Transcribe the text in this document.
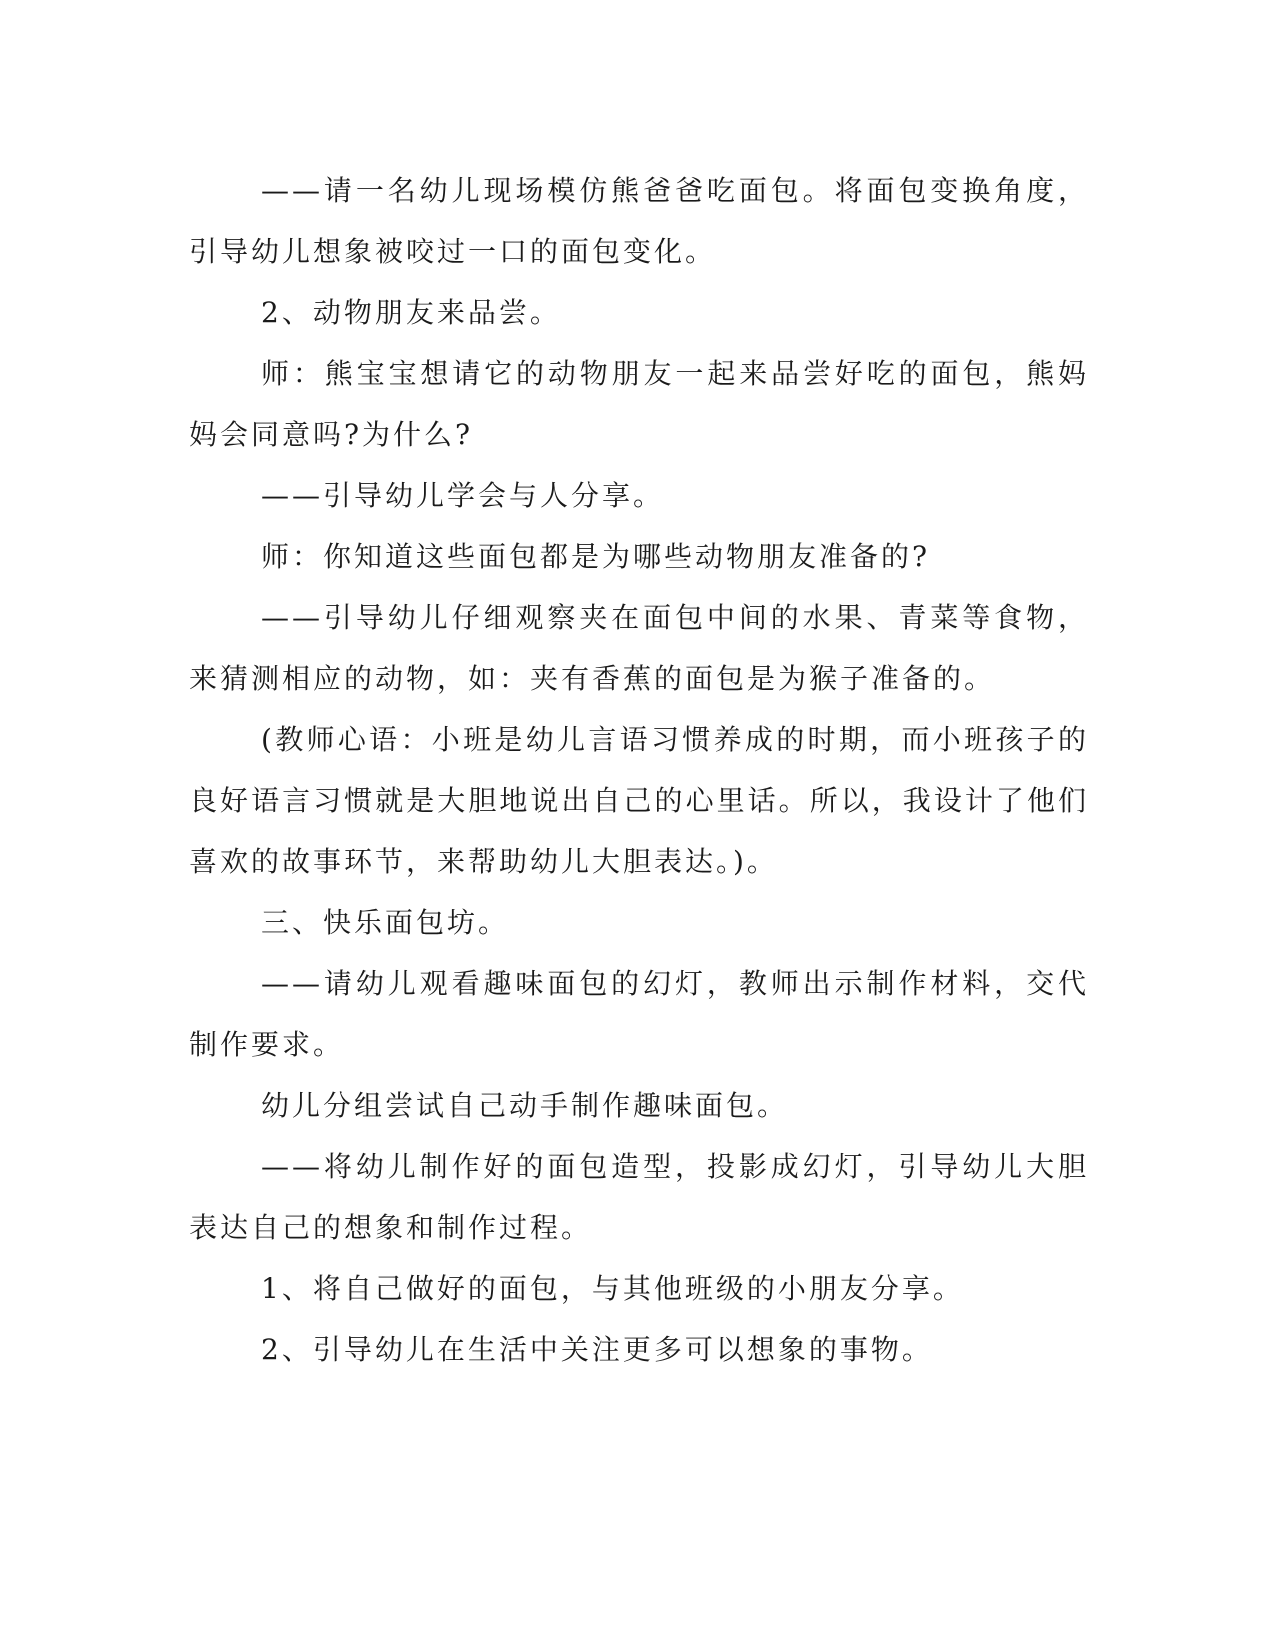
——请一名幼儿现场模仿熊爸爸吃面包。将面包变换角度，引导幼儿想象被咬过一口的面包变化。

2、动物朋友来品尝。

师：熊宝宝想请它的动物朋友一起来品尝好吃的面包，熊妈妈会同意吗?为什么?

——引导幼儿学会与人分享。

师：你知道这些面包都是为哪些动物朋友准备的?

——引导幼儿仔细观察夹在面包中间的水果、青菜等食物，来猜测相应的动物，如：夹有香蕉的面包是为猴子准备的。

(教师心语：小班是幼儿言语习惯养成的时期，而小班孩子的良好语言习惯就是大胆地说出自己的心里话。所以，我设计了他们喜欢的故事环节，来帮助幼儿大胆表达。)。

三、快乐面包坊。

——请幼儿观看趣味面包的幻灯，教师出示制作材料，交代制作要求。

幼儿分组尝试自己动手制作趣味面包。

——将幼儿制作好的面包造型，投影成幻灯，引导幼儿大胆表达自己的想象和制作过程。

1、将自己做好的面包，与其他班级的小朋友分享。

2、引导幼儿在生活中关注更多可以想象的事物。
